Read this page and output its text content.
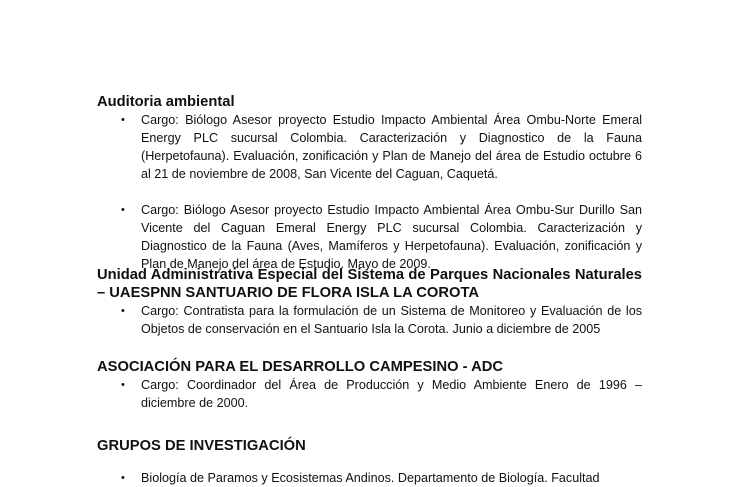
Auditoria ambiental
• Cargo: Biólogo Asesor proyecto Estudio Impacto Ambiental Área Ombu-Norte Emeral Energy PLC sucursal Colombia. Caracterización y Diagnostico de la Fauna (Herpetofauna). Evaluación, zonificación y Plan de Manejo del área de Estudio octubre 6 al 21 de noviembre de 2008, San Vicente del Caguan, Caquetá.
• Cargo: Biólogo Asesor proyecto Estudio Impacto Ambiental Área Ombu-Sur Durillo San Vicente del Caguan Emeral Energy PLC sucursal Colombia. Caracterización y Diagnostico de la Fauna (Aves, Mamíferos y Herpetofauna). Evaluación, zonificación y Plan de Manejo del área de Estudio. Mayo de 2009.
Unidad Administrativa Especial del Sistema de Parques Nacionales Naturales – UAESPNN SANTUARIO DE FLORA ISLA LA COROTA
• Cargo: Contratista para la formulación de un Sistema de Monitoreo y Evaluación de los Objetos de conservación en el Santuario Isla la Corota. Junio a diciembre de 2005
ASOCIACIÓN PARA EL DESARROLLO CAMPESINO - ADC
• Cargo: Coordinador del Área de Producción y Medio Ambiente Enero de 1996 – diciembre de 2000.
GRUPOS DE INVESTIGACIÓN
• Biología de Paramos y Ecosistemas Andinos. Departamento de Biología. Facultad
